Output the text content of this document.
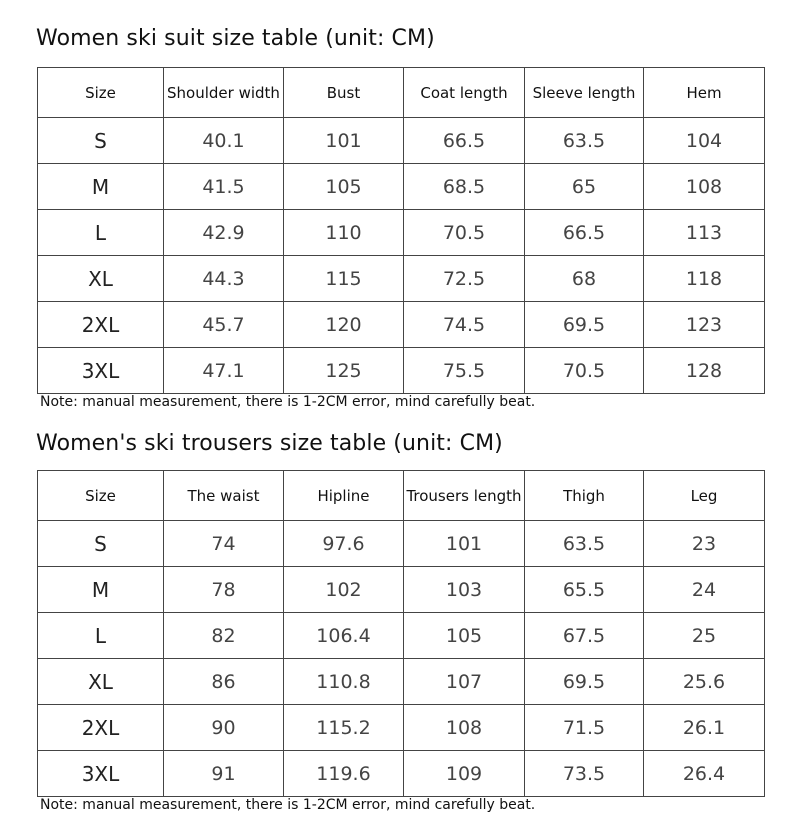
Women ski suit size table (unit: CM)
Size	Shoulder width	Bust	Coat length	Sleeve length	Hem
S	40.1	101	66.5	63.5	104
M	41.5	105	68.5	65	108
L	42.9	110	70.5	66.5	113
XL	44.3	115	72.5	68	118
2XL	45.7	120	74.5	69.5	123
3XL	47.1	125	75.5	70.5	128
Note: manual measurement, there is 1-2CM error, mind carefully beat.
Women's ski trousers size table (unit: CM)
Size	The waist	Hipline	Trousers length	Thigh	Leg
S	74	97.6	101	63.5	23
M	78	102	103	65.5	24
L	82	106.4	105	67.5	25
XL	86	110.8	107	69.5	25.6
2XL	90	115.2	108	71.5	26.1
3XL	91	119.6	109	73.5	26.4
Note: manual measurement, there is 1-2CM error, mind carefully beat.
